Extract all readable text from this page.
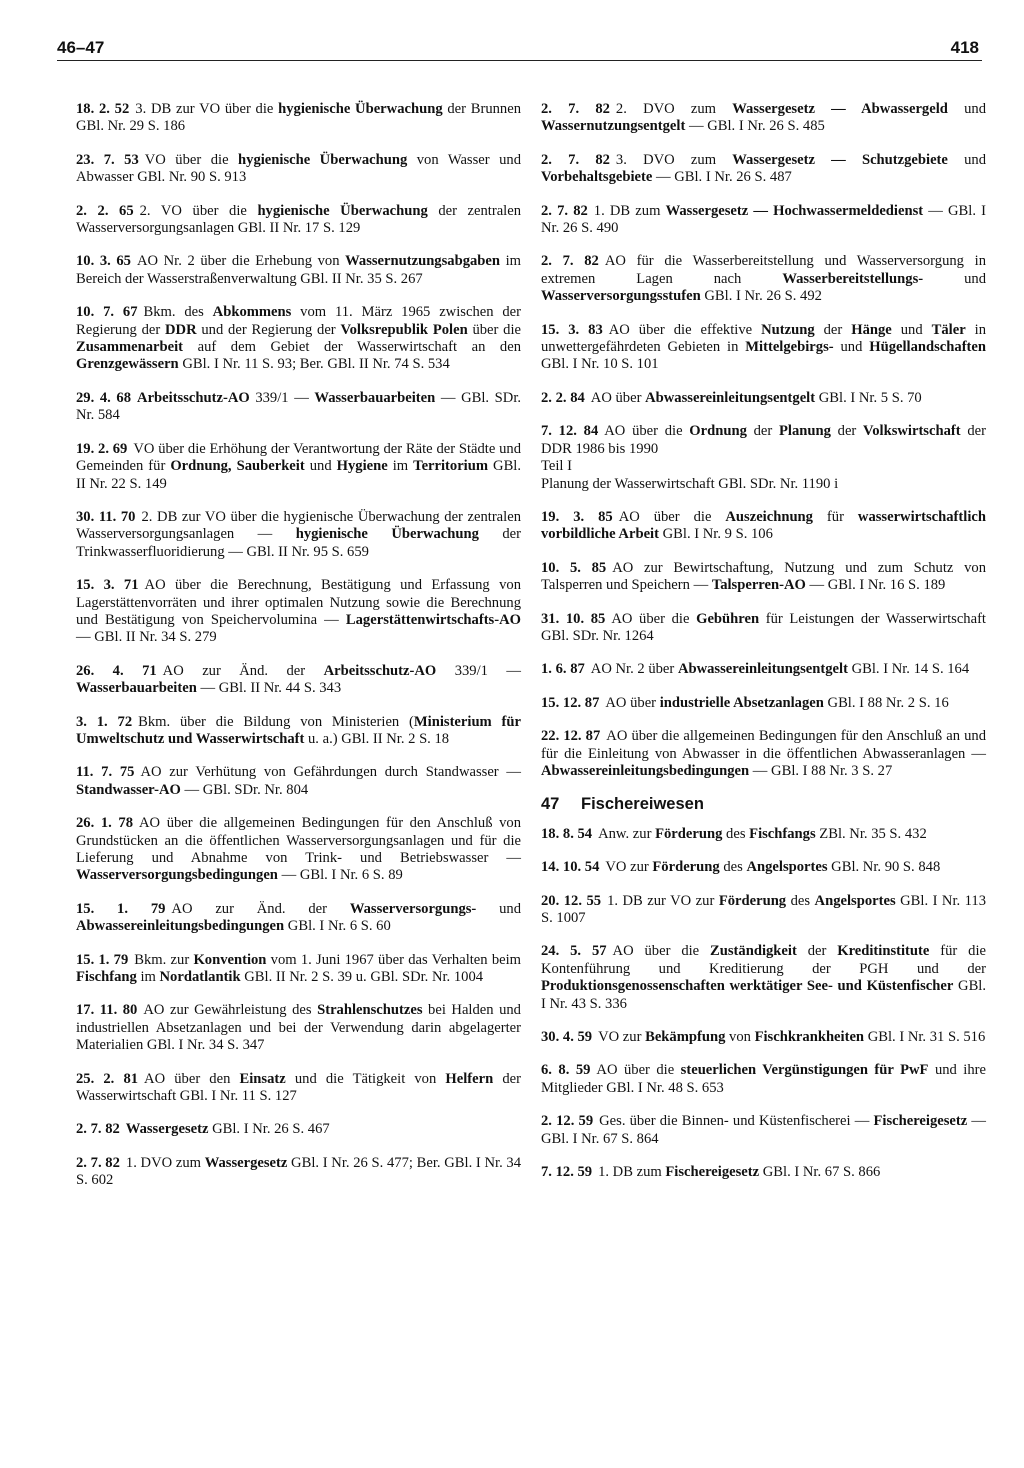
46–47	418
18. 2. 52 3. DB zur VO über die hygienische Überwachung der Brunnen GBl. Nr. 29 S. 186
23. 7. 53 VO über die hygienische Überwachung von Wasser und Abwasser GBl. Nr. 90 S. 913
2. 2. 65 2. VO über die hygienische Überwachung der zentralen Wasserversorgungsanlagen GBl. II Nr. 17 S. 129
10. 3. 65 AO Nr. 2 über die Erhebung von Wassernutzungsabgaben im Bereich der Wasserstraßenverwaltung GBl. II Nr. 35 S. 267
10. 7. 67 Bkm. des Abkommens vom 11. März 1965 zwischen der Regierung der DDR und der Regierung der Volksrepublik Polen über die Zusammenarbeit auf dem Gebiet der Wasserwirtschaft an den Grenzgewässern GBl. I Nr. 11 S. 93; Ber. GBl. II Nr. 74 S. 534
29. 4. 68 Arbeitsschutz-AO 339/1 — Wasserbauarbeiten — GBl. SDr. Nr. 584
19. 2. 69 VO über die Erhöhung der Verantwortung der Räte der Städte und Gemeinden für Ordnung, Sauberkeit und Hygiene im Territorium GBl. II Nr. 22 S. 149
30. 11. 70 2. DB zur VO über die hygienische Überwachung der zentralen Wasserversorgungsanlagen — hygienische Überwachung der Trinkwasserfluoridierung — GBl. II Nr. 95 S. 659
15. 3. 71 AO über die Berechnung, Bestätigung und Erfassung von Lagerstättenvorräten und ihrer optimalen Nutzung sowie die Berechnung und Bestätigung von Speichervolumina — Lagerstättenwirtschafts-AO — GBl. II Nr. 34 S. 279
26. 4. 71 AO zur Änd. der Arbeitsschutz-AO 339/1 — Wasserbauarbeiten — GBl. II Nr. 44 S. 343
3. 1. 72 Bkm. über die Bildung von Ministerien (Ministerium für Umweltschutz und Wasserwirtschaft u. a.) GBl. II Nr. 2 S. 18
11. 7. 75 AO zur Verhütung von Gefährdungen durch Standwasser — Standwasser-AO — GBl. SDr. Nr. 804
26. 1. 78 AO über die allgemeinen Bedingungen für den Anschluß von Grundstücken an die öffentlichen Wasserversorgungsanlagen und für die Lieferung und Abnahme von Trink- und Betriebswasser — Wasserversorgungsbedingungen — GBl. I Nr. 6 S. 89
15. 1. 79 AO zur Änd. der Wasserversorgungs- und Abwassereinleitungsbedingungen GBl. I Nr. 6 S. 60
15. 1. 79 Bkm. zur Konvention vom 1. Juni 1967 über das Verhalten beim Fischfang im Nordatlantik GBl. II Nr. 2 S. 39 u. GBl. SDr. Nr. 1004
17. 11. 80 AO zur Gewährleistung des Strahlenschutzes bei Halden und industriellen Absetzanlagen und bei der Verwendung darin abgelagerter Materialien GBl. I Nr. 34 S. 347
25. 2. 81 AO über den Einsatz und die Tätigkeit von Helfern der Wasserwirtschaft GBl. I Nr. 11 S. 127
2. 7. 82 Wassergesetz GBl. I Nr. 26 S. 467
2. 7. 82 1. DVO zum Wassergesetz GBl. I Nr. 26 S. 477; Ber. GBl. I Nr. 34 S. 602
2. 7. 82 2. DVO zum Wassergesetz — Abwassergeld und Wassernutzungsentgelt — GBl. I Nr. 26 S. 485
2. 7. 82 3. DVO zum Wassergesetz — Schutzgebiete und Vorbehaltsgebiete — GBl. I Nr. 26 S. 487
2. 7. 82 1. DB zum Wassergesetz — Hochwassermeldedienst — GBl. I Nr. 26 S. 490
2. 7. 82 AO für die Wasserbereitstellung und Wasserversorgung in extremen Lagen nach Wasserbereitstellungs- und Wasserversorgungsstufen GBl. I Nr. 26 S. 492
15. 3. 83 AO über die effektive Nutzung der Hänge und Täler in unwettergefährdeten Gebieten in Mittelgebirgs- und Hügellandschaften GBl. I Nr. 10 S. 101
2. 2. 84 AO über Abwassereinleitungsentgelt GBl. I Nr. 5 S. 70
7. 12. 84 AO über die Ordnung der Planung der Volkswirtschaft der DDR 1986 bis 1990
Teil I
Planung der Wasserwirtschaft GBl. SDr. Nr. 1190 i
19. 3. 85 AO über die Auszeichnung für wasserwirtschaftlich vorbildliche Arbeit GBl. I Nr. 9 S. 106
10. 5. 85 AO zur Bewirtschaftung, Nutzung und zum Schutz von Talsperren und Speichern — Talsperren-AO — GBl. I Nr. 16 S. 189
31. 10. 85 AO über die Gebühren für Leistungen der Wasserwirtschaft GBl. SDr. Nr. 1264
1. 6. 87 AO Nr. 2 über Abwassereinleitungsentgelt GBl. I Nr. 14 S. 164
15. 12. 87 AO über industrielle Absetzanlagen GBl. I 88 Nr. 2 S. 16
22. 12. 87 AO über die allgemeinen Bedingungen für den Anschluß an und für die Einleitung von Abwasser in die öffentlichen Abwasseranlagen — Abwassereinleitungsbedingungen — GBl. I 88 Nr. 3 S. 27
47 Fischereiwesen
18. 8. 54 Anw. zur Förderung des Fischfangs ZBl. Nr. 35 S. 432
14. 10. 54 VO zur Förderung des Angelsportes GBl. Nr. 90 S. 848
20. 12. 55 1. DB zur VO zur Förderung des Angelsportes GBl. I Nr. 113 S. 1007
24. 5. 57 AO über die Zuständigkeit der Kreditinstitute für die Kontenführung und Kreditierung der PGH und der Produktionsgenossenschaften werktätiger See- und Küstenfischer GBl. I Nr. 43 S. 336
30. 4. 59 VO zur Bekämpfung von Fischkrankheiten GBl. I Nr. 31 S. 516
6. 8. 59 AO über die steuerlichen Vergünstigungen für PwF und ihre Mitglieder GBl. I Nr. 48 S. 653
2. 12. 59 Ges. über die Binnen- und Küstenfischerei — Fischereigesetz — GBl. I Nr. 67 S. 864
7. 12. 59 1. DB zum Fischereigesetz GBl. I Nr. 67 S. 866
